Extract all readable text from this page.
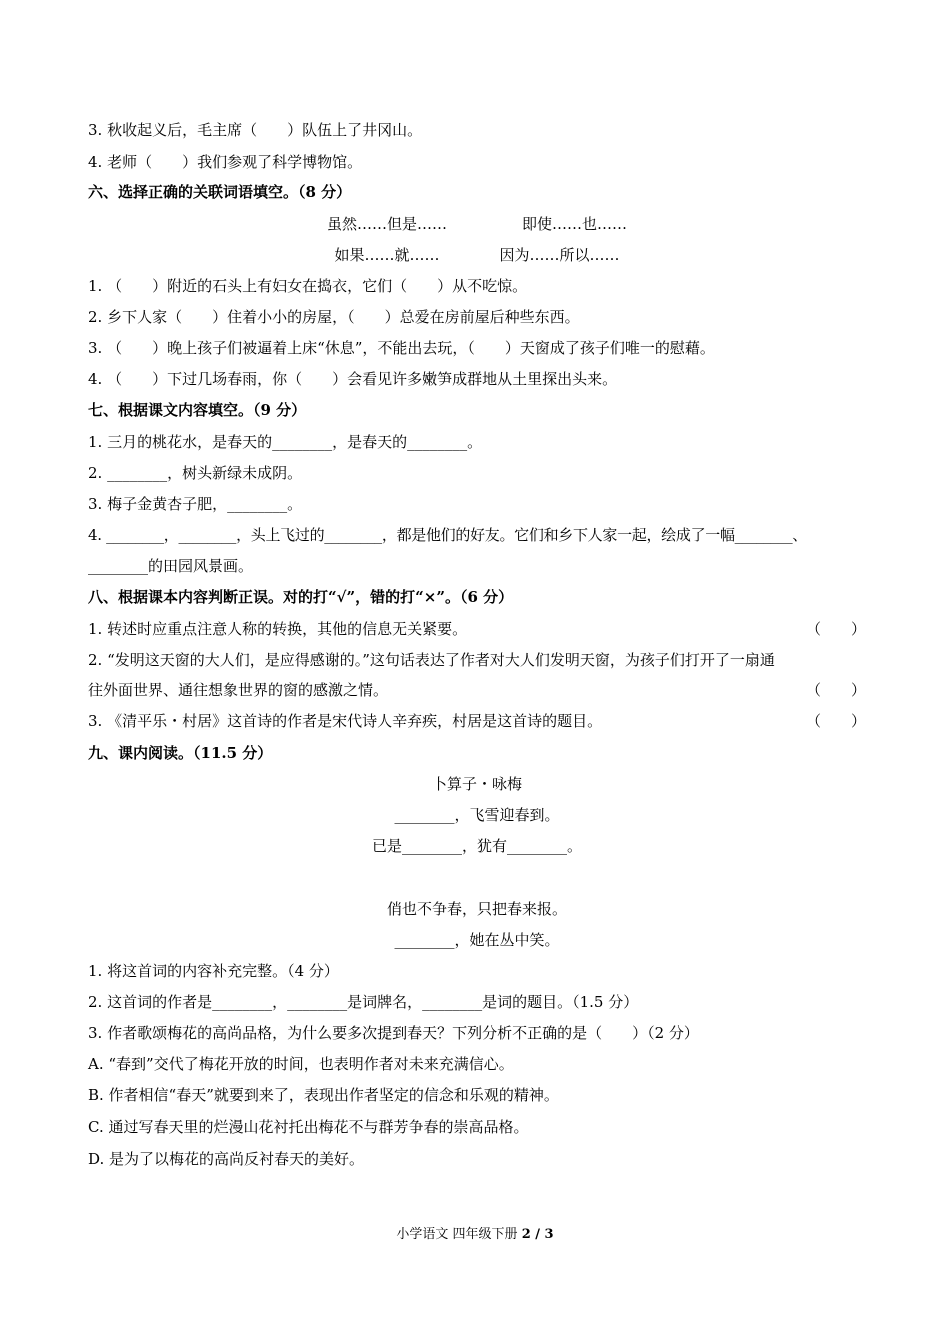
3. 秋收起义后，毛主席（　　）队伍上了井冈山。
4. 老师（　　）我们参观了科学博物馆。
六、选择正确的关联词语填空。（8 分）
虽然……但是……　　　　　即使……也……
如果……就……　　　　因为……所以……
1. （　　）附近的石头上有妇女在捣衣，它们（　　）从不吃惊。
2. 乡下人家（　　）住着小小的房屋，（　　）总爱在房前屋后种些东西。
3. （　　）晚上孩子们被逼着上床“休息”，不能出去玩，（　　）天窗成了孩子们唯一的慰藉。
4. （　　）下过几场春雨，你（　　）会看见许多嫩笋成群地从土里探出头来。
七、根据课文内容填空。（9 分）
1. 三月的桃花水，是春天的________，是春天的________。
2. ________，树头新绿未成阴。
3. 梅子金黄杏子肥，________。
4. ________，________，头上飞过的________，都是他们的好友。它们和乡下人家一起，绘成了一幅________、
________的田园风景画。
八、根据课本内容判断正误。对的打“√”，错的打“×”。（6 分）
1. 转述时应重点注意人称的转换，其他的信息无关紧要。	（　　）
2. “发明这天窗的大人们，是应得感谢的。”这句话表达了作者对大人们发明天窗，为孩子们打开了一扇通
往外面世界、通往想象世界的窗的感激之情。	（　　）
3. 《清平乐・村居》这首诗的作者是宋代诗人辛弃疾，村居是这首诗的题目。	（　　）
九、课内阅读。（11.5 分）
卜算子・咏梅
________，飞雪迎春到。
已是________，犹有________。
俏也不争春，只把春来报。
________，她在丛中笑。
1. 将这首词的内容补充完整。（4 分）
2. 这首词的作者是________，________是词牌名，________是词的题目。（1.5 分）
3. 作者歌颂梅花的高尚品格，为什么要多次提到春天？下列分析不正确的是（　　）（2 分）
A. “春到”交代了梅花开放的时间，也表明作者对未来充满信心。
B. 作者相信“春天”就要到来了，表现出作者坚定的信念和乐观的精神。
C. 通过写春天里的烂漫山花衬托出梅花不与群芳争春的崇高品格。
D. 是为了以梅花的高尚反衬春天的美好。
小学语文 四年级下册 2 / 3
